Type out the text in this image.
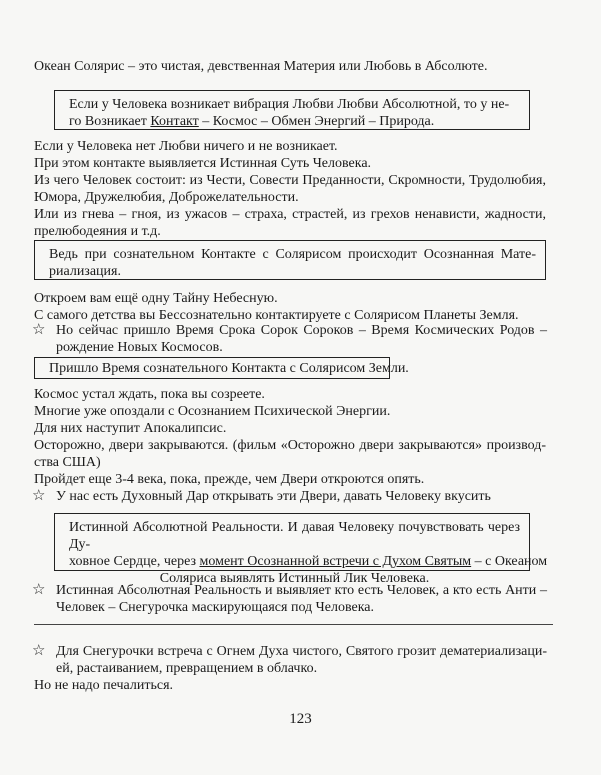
Океан Солярис – это чистая, девственная Материя или Любовь в Абсолюте.
Если у Человека возникает вибрация Любви Любви Абсолютной, то у не-
го Возникает Контакт – Космос – Обмен Энергий – Природа.
Если у Человека нет Любви ничего и не возникает.
При этом контакте выявляется Истинная Суть Человека.
Из чего Человек состоит: из Чести, Совести Преданности, Скромности, Трудолюбия,
Юмора, Дружелюбия, Доброжелательности.
Или из гнева – гноя, из ужасов – страха, страстей, из грехов ненависти, жадности,
прелюбодеяния и т.д.
Ведь при сознательном Контакте с Солярисом происходит Осознанная Мате-
риализация.
Откроем вам ещё одну Тайну Небесную.
С самого детства вы Бессознательно контактируете с Солярисом Планеты Земля.
☆ Но сейчас пришло Время Срока Сорок Сороков – Время Космических Родов –
рождение Новых Космосов.
Пришло Время сознательного Контакта с Солярисом Земли.
Космос устал ждать, пока вы созреете.
Многие уже опоздали с Осознанием Психической Энергии.
Для них наступит Апокалипсис.
Осторожно, двери закрываются. (фильм «Осторожно двери закрываются» производ-
ства США)
Пройдет еще 3-4 века, пока, прежде, чем Двери откроются опять.
☆ У нас есть Духовный Дар открывать эти Двери, давать Человеку вкусить
Истинной Абсолютной Реальности. И давая Человеку почувствовать через Ду-
ховное Сердце, через момент Осознанной встречи с Духом Святым – с Океаном
Соляриса выявлять Истинный Лик Человека.
☆ Истинная Абсолютная Реальность и выявляет кто есть Человек, а кто есть Анти –
Человек – Снегурочка маскирующаяся под Человека.
☆ Для Снегурочки встреча с Огнем Духа чистого, Святого грозит дематериализаци-
ей, растаиванием, превращением в облачко.
Но не надо печалиться.
123
